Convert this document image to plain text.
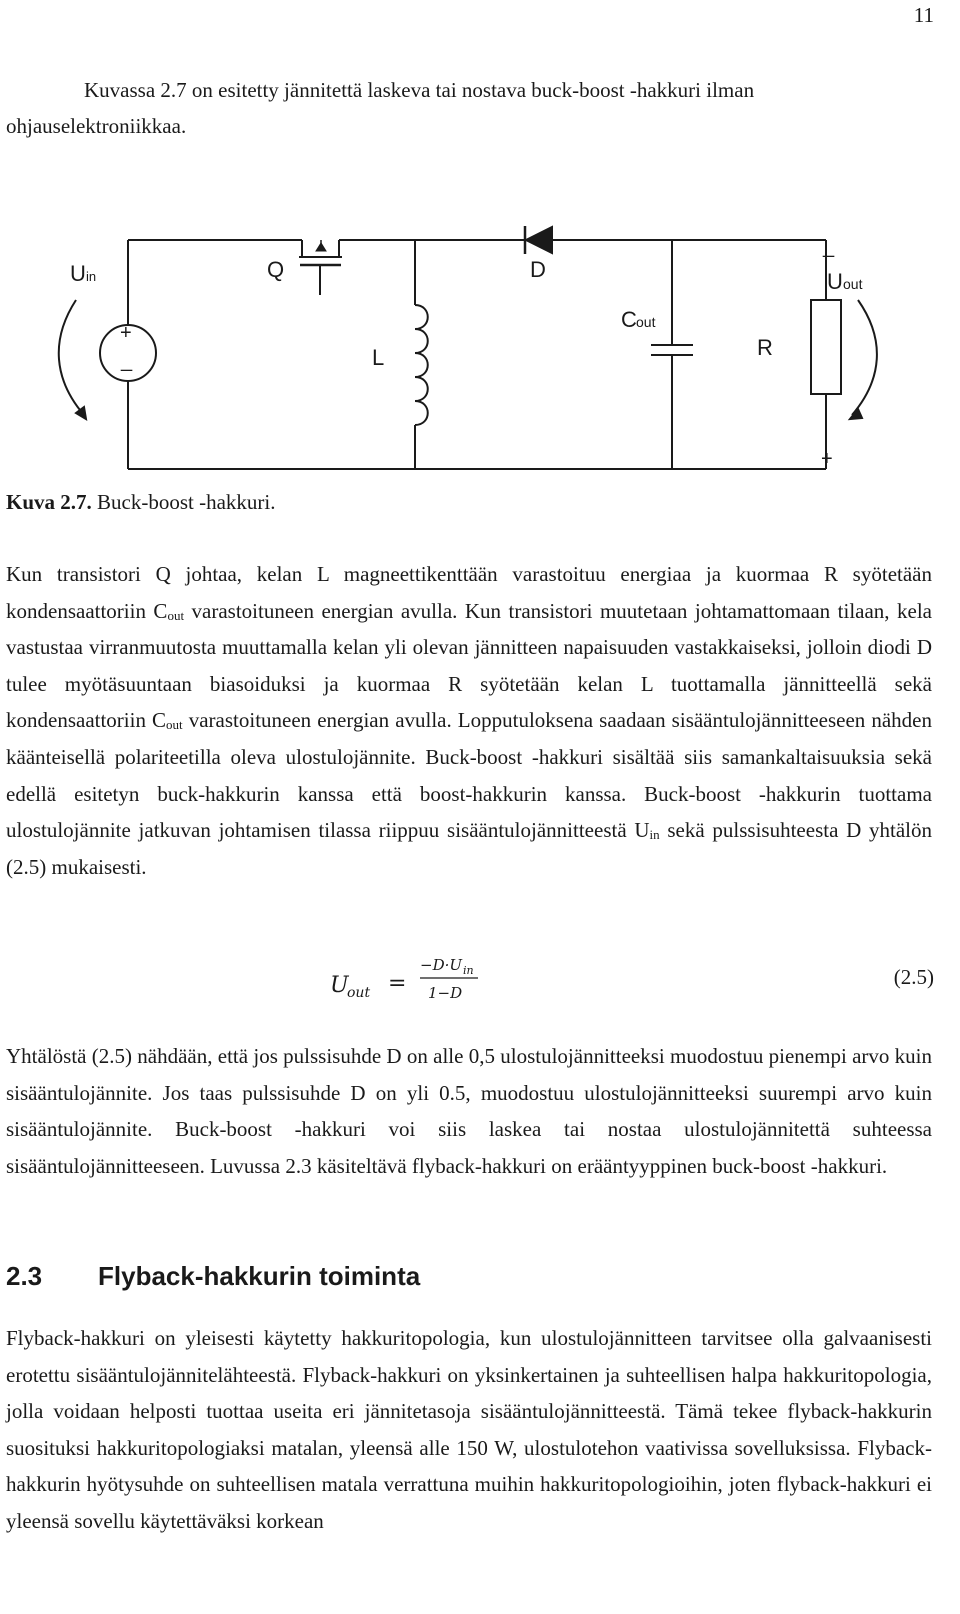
11

Kuvassa 2.7 on esitetty jännitettä laskeva tai nostava buck-boost -hakkuri ilman ohjauselektroniikkaa.

U in	Q	D
L
C out
R
U out
+
_
_
+
Kuva 2.7. Buck-boost -hakkuri.

Kun transistori Q johtaa, kelan L magneettikenttään varastoituu energiaa ja kuormaa R syötetään kondensaattoriin $C_{out}$ varastoituneen energian avulla. Kun transistori muutetaan johtamattomaan tilaan, kela vastustaa virranmuutosta muuttamalla kelan yli olevan jännitteen napaisuuden vastakkaiseksi, jolloin diodi D tulee myötäsuuntaan biasoiduksi ja kuormaa R syötetään kelan L tuottamalla jännitteellä sekä kondensaattoriin $C_{out}$ varastoituneen energian avulla. Lopputuloksena saadaan sisääntulojännitteeseen nähden käänteisellä polariteetilla oleva ulostulojännite. Buck-boost -hakkuri sisältää siis samankaltaisuuksia sekä edellä esitetyn buck-hakkurin kanssa että boost-hakkurin kanssa. Buck-boost -hakkurin tuottama ulostulojännite jatkuvan johtamisen tilassa riippuu sisääntulojännitteestä $U_{in}$ sekä pulssisuhteesta D yhtälön (2.5) mukaisesti.

U
out =
−D·U in
1−D
(2.5)

Yhtälöstä (2.5) nähdään, että jos pulssisuhde D on alle 0,5 ulostulojännitteeksi muodostuu pienempi arvo kuin sisääntulojännite. Jos taas pulssisuhde D on yli 0.5, muodostuu ulostulojännitteeksi suurempi arvo kuin sisääntulojännite. Buck-boost -hakkuri voi siis laskea tai nostaa ulostulojännitettä suhteessa sisääntulojännitteeseen. Luvussa 2.3 käsiteltävä flyback-hakkuri on erääntyyppinen buck-boost -hakkuri.

2.3 Flyback-hakkurin toiminta

Flyback-hakkuri on yleisesti käytetty hakkuritopologia, kun ulostulojännitteen tarvitsee olla galvaanisesti erotettu sisääntulojännitelähteestä. Flyback-hakkuri on yksinkertainen ja suhteellisen halpa hakkuritopologia, jolla voidaan helposti tuottaa useita eri jännitetasoja sisääntulojännitteestä. Tämä tekee flyback-hakkurin suosituksi hakkuritopologiaksi matalan, yleensä alle 150 W, ulostulotehon vaativissa sovelluksissa. Flyback-hakkurin hyötysuhde on suhteellisen matala verrattuna muihin hakkuritopologioihin, joten flyback-hakkuri ei yleensä sovellu käytettäväksi korkean
